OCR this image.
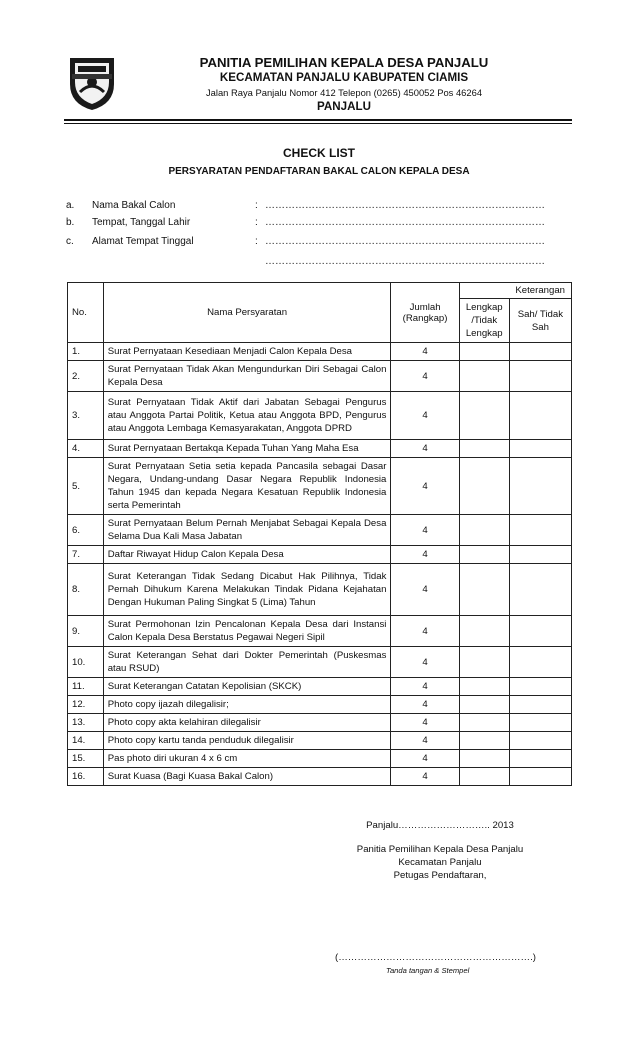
PANITIA PEMILIHAN KEPALA DESA PANJALU
KECAMATAN PANJALU KABUPATEN CIAMIS
Jalan Raya Panjalu Nomor 412 Telepon (0265) 450052 Pos 46264
PANJALU
CHECK LIST
PERSYARATAN PENDAFTARAN BAKAL CALON KEPALA DESA
a. Nama Bakal Calon	: …………………………………………………………………………
b. Tempat, Tanggal Lahir	: …………………………………………………………………………
c. Alamat Tempat Tinggal	: …………………………………………………………………………
…………………………………………………………………………
No.	Nama Persyaratan	Jumlah (Rangkap)	Keterangan	
			Lengkap /Tidak Lengkap	Sah/ Tidak Sah
1.	Surat Pernyataan Kesediaan Menjadi Calon Kepala Desa	4		
2.	Surat Pernyataan Tidak Akan Mengundurkan Diri Sebagai Calon Kepala Desa	4		
3.	Surat Pernyataan Tidak Aktif dari Jabatan Sebagai Pengurus atau Anggota Partai Politik, Ketua atau Anggota BPD, Pengurus atau Anggota Lembaga Kemasyarakatan, Anggota DPRD	4		
4.	Surat Pernyataan Bertakqa Kepada Tuhan Yang Maha Esa	4		
5.	Surat Pernyataan Setia setia kepada Pancasila sebagai Dasar Negara, Undang-undang Dasar Negara Republik Indonesia Tahun 1945 dan kepada Negara Kesatuan Republik Indonesia serta Pemerintah	4		
6.	Surat Pernyataan Belum Pernah Menjabat Sebagai Kepala Desa Selama Dua Kali Masa Jabatan	4		
7.	Daftar Riwayat Hidup Calon Kepala Desa	4		
8.	Surat Keterangan Tidak Sedang Dicabut Hak Pilihnya, Tidak Pernah Dihukum Karena Melakukan Tindak Pidana Kejahatan Dengan Hukuman Paling Singkat 5 (Lima) Tahun	4		
9.	Surat Permohonan Izin Pencalonan Kepala Desa dari Instansi Calon Kepala Desa Berstatus Pegawai Negeri Sipil	4		
10.	Surat Keterangan Sehat dari Dokter Pemerintah (Puskesmas atau RSUD)	4		
11.	Surat Keterangan Catatan Kepolisian (SKCK)	4		
12.	Photo copy ijazah dilegalisir;	4		
13.	Photo copy akta kelahiran dilegalisir	4		
14.	Photo copy kartu tanda penduduk dilegalisir	4		
15.	Pas photo diri ukuran 4 x 6 cm	4		
16.	Surat Kuasa (Bagi Kuasa Bakal Calon)	4		
Panjalu……………………….. 2013
Panitia Pemilihan Kepala Desa Panjalu
Kecamatan Panjalu
Petugas Pendaftaran,
(…………………………………………………….)
Tanda tangan & Stempel
